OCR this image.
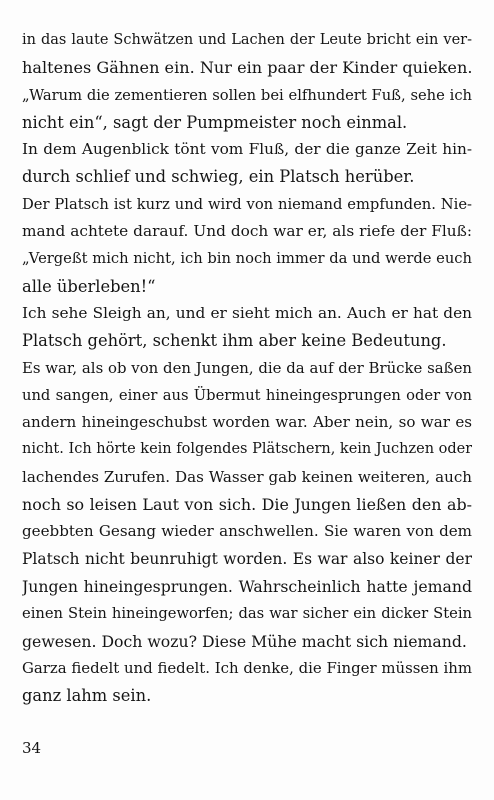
in das laute Schwätzen und Lachen der Leute bricht ein ver-
haltenes Gähnen ein. Nur ein paar der Kinder quieken.
„Warum die zementieren sollen bei elfhundert Fuß, sehe ich
nicht ein“, sagt der Pumpmeister noch einmal.
In dem Augenblick tönt vom Fluß, der die ganze Zeit hin-
durch schlief und schwieg, ein Platsch herüber.
Der Platsch ist kurz und wird von niemand empfunden. Nie-
mand achtete darauf. Und doch war er, als riefe der Fluß:
„Vergeßt mich nicht, ich bin noch immer da und werde euch
alle überleben!“
Ich sehe Sleigh an, und er sieht mich an. Auch er hat den
Platsch gehört, schenkt ihm aber keine Bedeutung.
Es war, als ob von den Jungen, die da auf der Brücke saßen
und sangen, einer aus Übermut hineingesprungen oder von
andern hineingeschubst worden war. Aber nein, so war es
nicht. Ich hörte kein folgendes Plätschern, kein Juchzen oder
lachendes Zurufen. Das Wasser gab keinen weiteren, auch
noch so leisen Laut von sich. Die Jungen ließen den ab-
geebbten Gesang wieder anschwellen. Sie waren von dem
Platsch nicht beunruhigt worden. Es war also keiner der
Jungen hineingesprungen. Wahrscheinlich hatte jemand
einen Stein hineingeworfen; das war sicher ein dicker Stein
gewesen. Doch wozu? Diese Mühe macht sich niemand.
Garza fiedelt und fiedelt. Ich denke, die Finger müssen ihm
ganz lahm sein.
34
